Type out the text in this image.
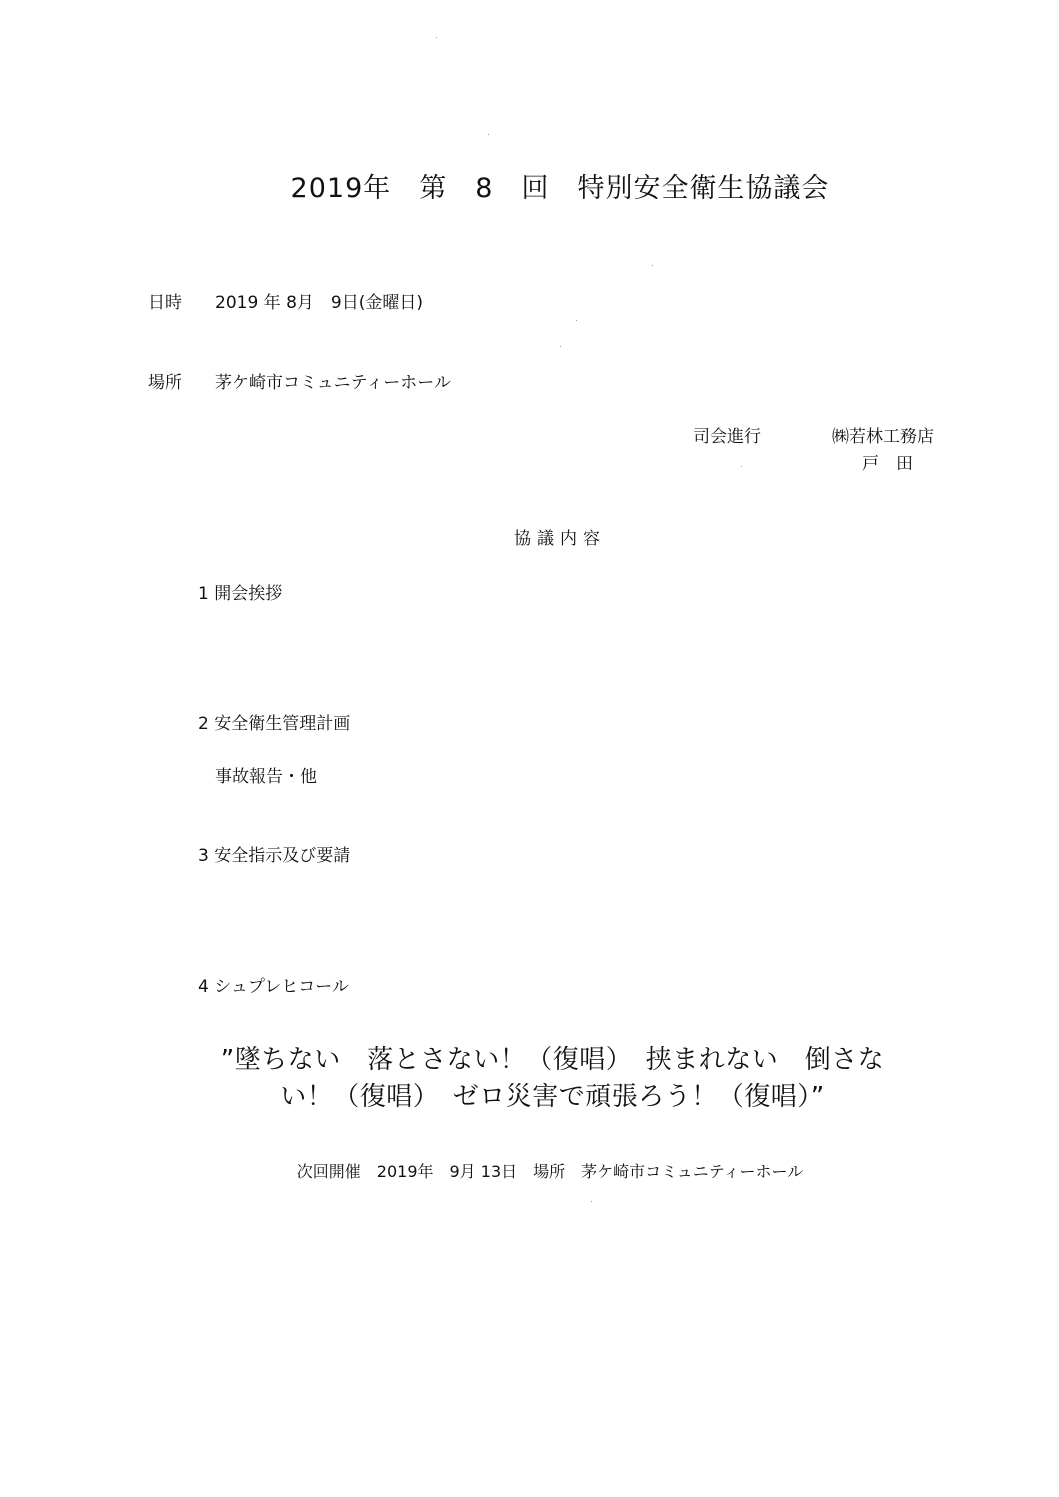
2019年　第　8　回　特別安全衛生協議会
日時 2019 年 8月　9日(金曜日)
場所 茅ケ崎市コミュニティーホール
司会進行	㈱若林工務店
戸　田
協議内容
1 開会挨拶
2 安全衛生管理計画
事故報告・他
3 安全指示及び要請
4 シュプレヒコール
”墜ちない　落とさない！（復唱）　挟まれない　倒さな
い！（復唱）　ゼロ災害で頑張ろう！（復唱）”
次回開催　2019年　9月 13日　場所　茅ケ崎市コミュニティーホール
